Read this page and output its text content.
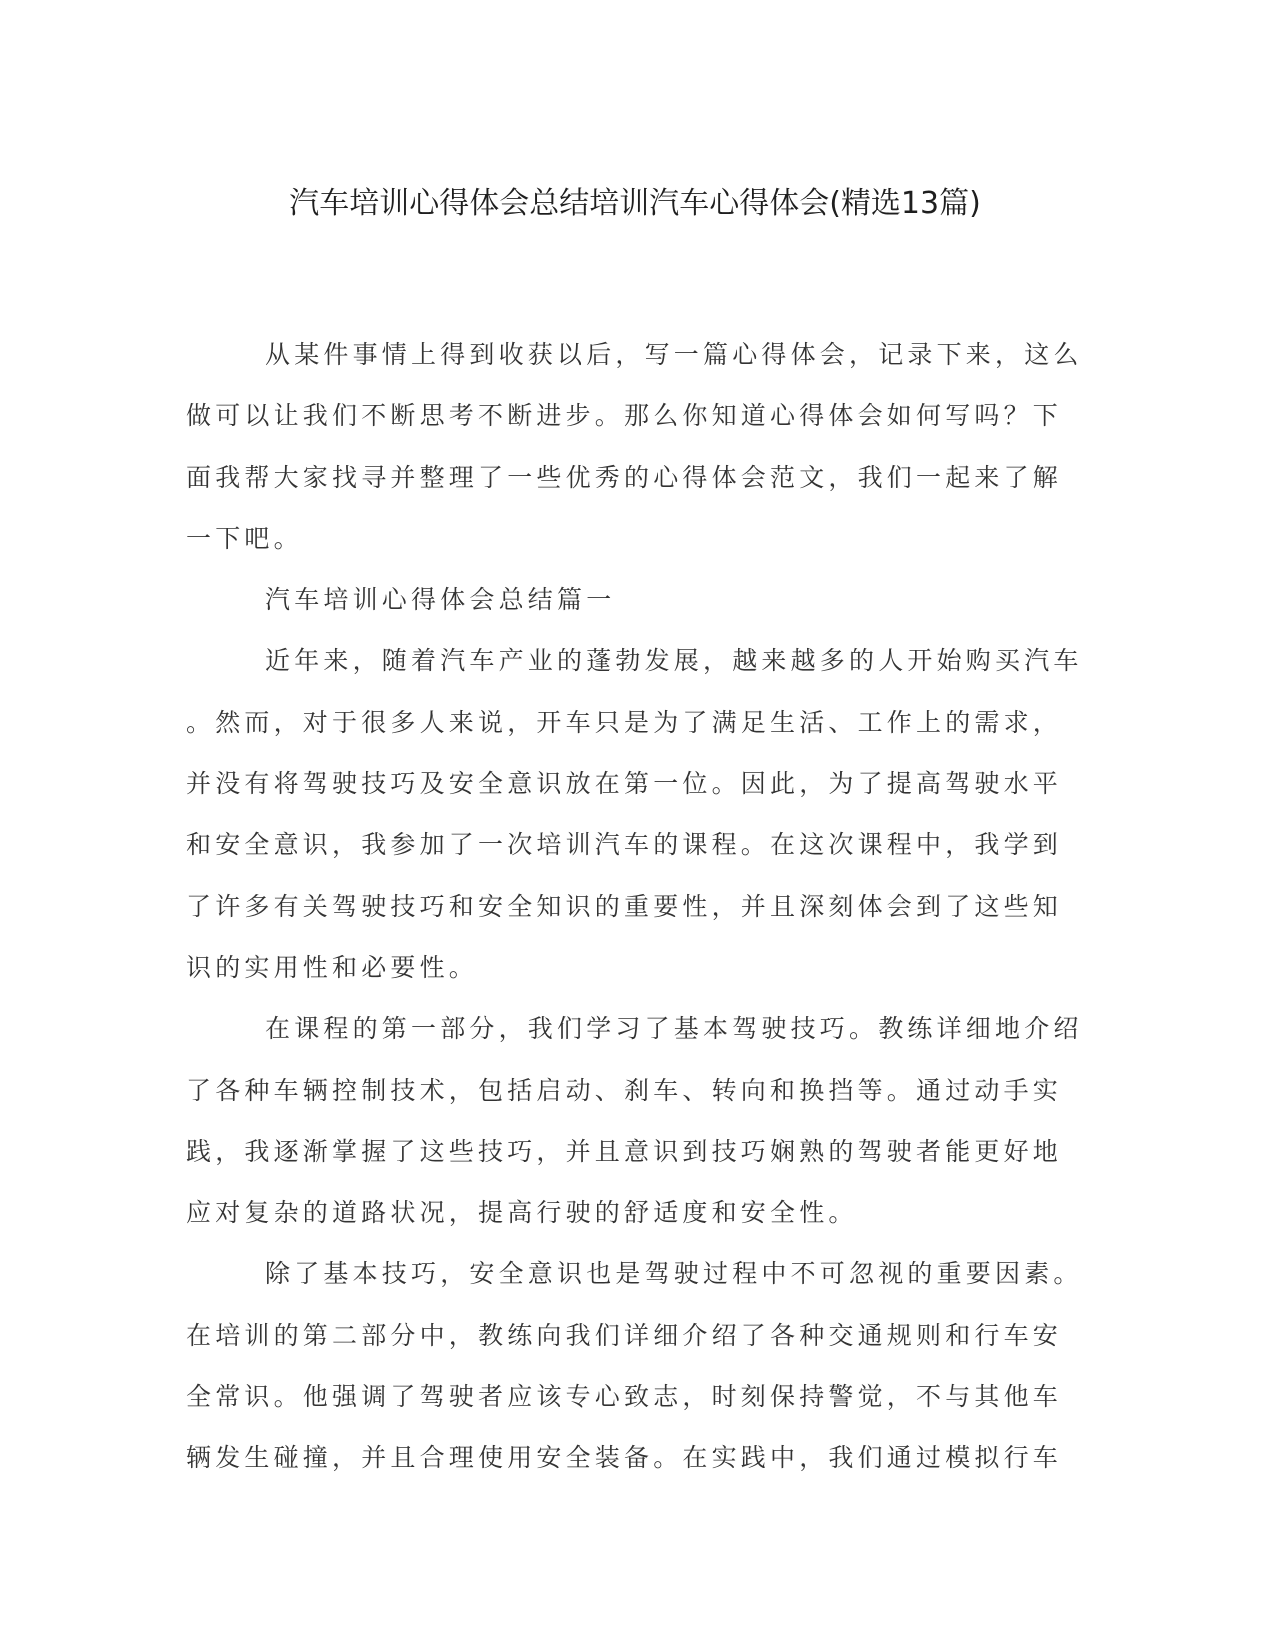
汽车培训心得体会总结培训汽车心得体会(精选13篇)
从某件事情上得到收获以后，写一篇心得体会，记录下来，这么
做可以让我们不断思考不断进步。那么你知道心得体会如何写吗？下
面我帮大家找寻并整理了一些优秀的心得体会范文，我们一起来了解
一下吧。
汽车培训心得体会总结篇一
近年来，随着汽车产业的蓬勃发展，越来越多的人开始购买汽车
。然而，对于很多人来说，开车只是为了满足生活、工作上的需求，
并没有将驾驶技巧及安全意识放在第一位。因此，为了提高驾驶水平
和安全意识，我参加了一次培训汽车的课程。在这次课程中，我学到
了许多有关驾驶技巧和安全知识的重要性，并且深刻体会到了这些知
识的实用性和必要性。
在课程的第一部分，我们学习了基本驾驶技巧。教练详细地介绍
了各种车辆控制技术，包括启动、刹车、转向和换挡等。通过动手实
践，我逐渐掌握了这些技巧，并且意识到技巧娴熟的驾驶者能更好地
应对复杂的道路状况，提高行驶的舒适度和安全性。
除了基本技巧，安全意识也是驾驶过程中不可忽视的重要因素。
在培训的第二部分中，教练向我们详细介绍了各种交通规则和行车安
全常识。他强调了驾驶者应该专心致志，时刻保持警觉，不与其他车
辆发生碰撞，并且合理使用安全装备。在实践中，我们通过模拟行车
